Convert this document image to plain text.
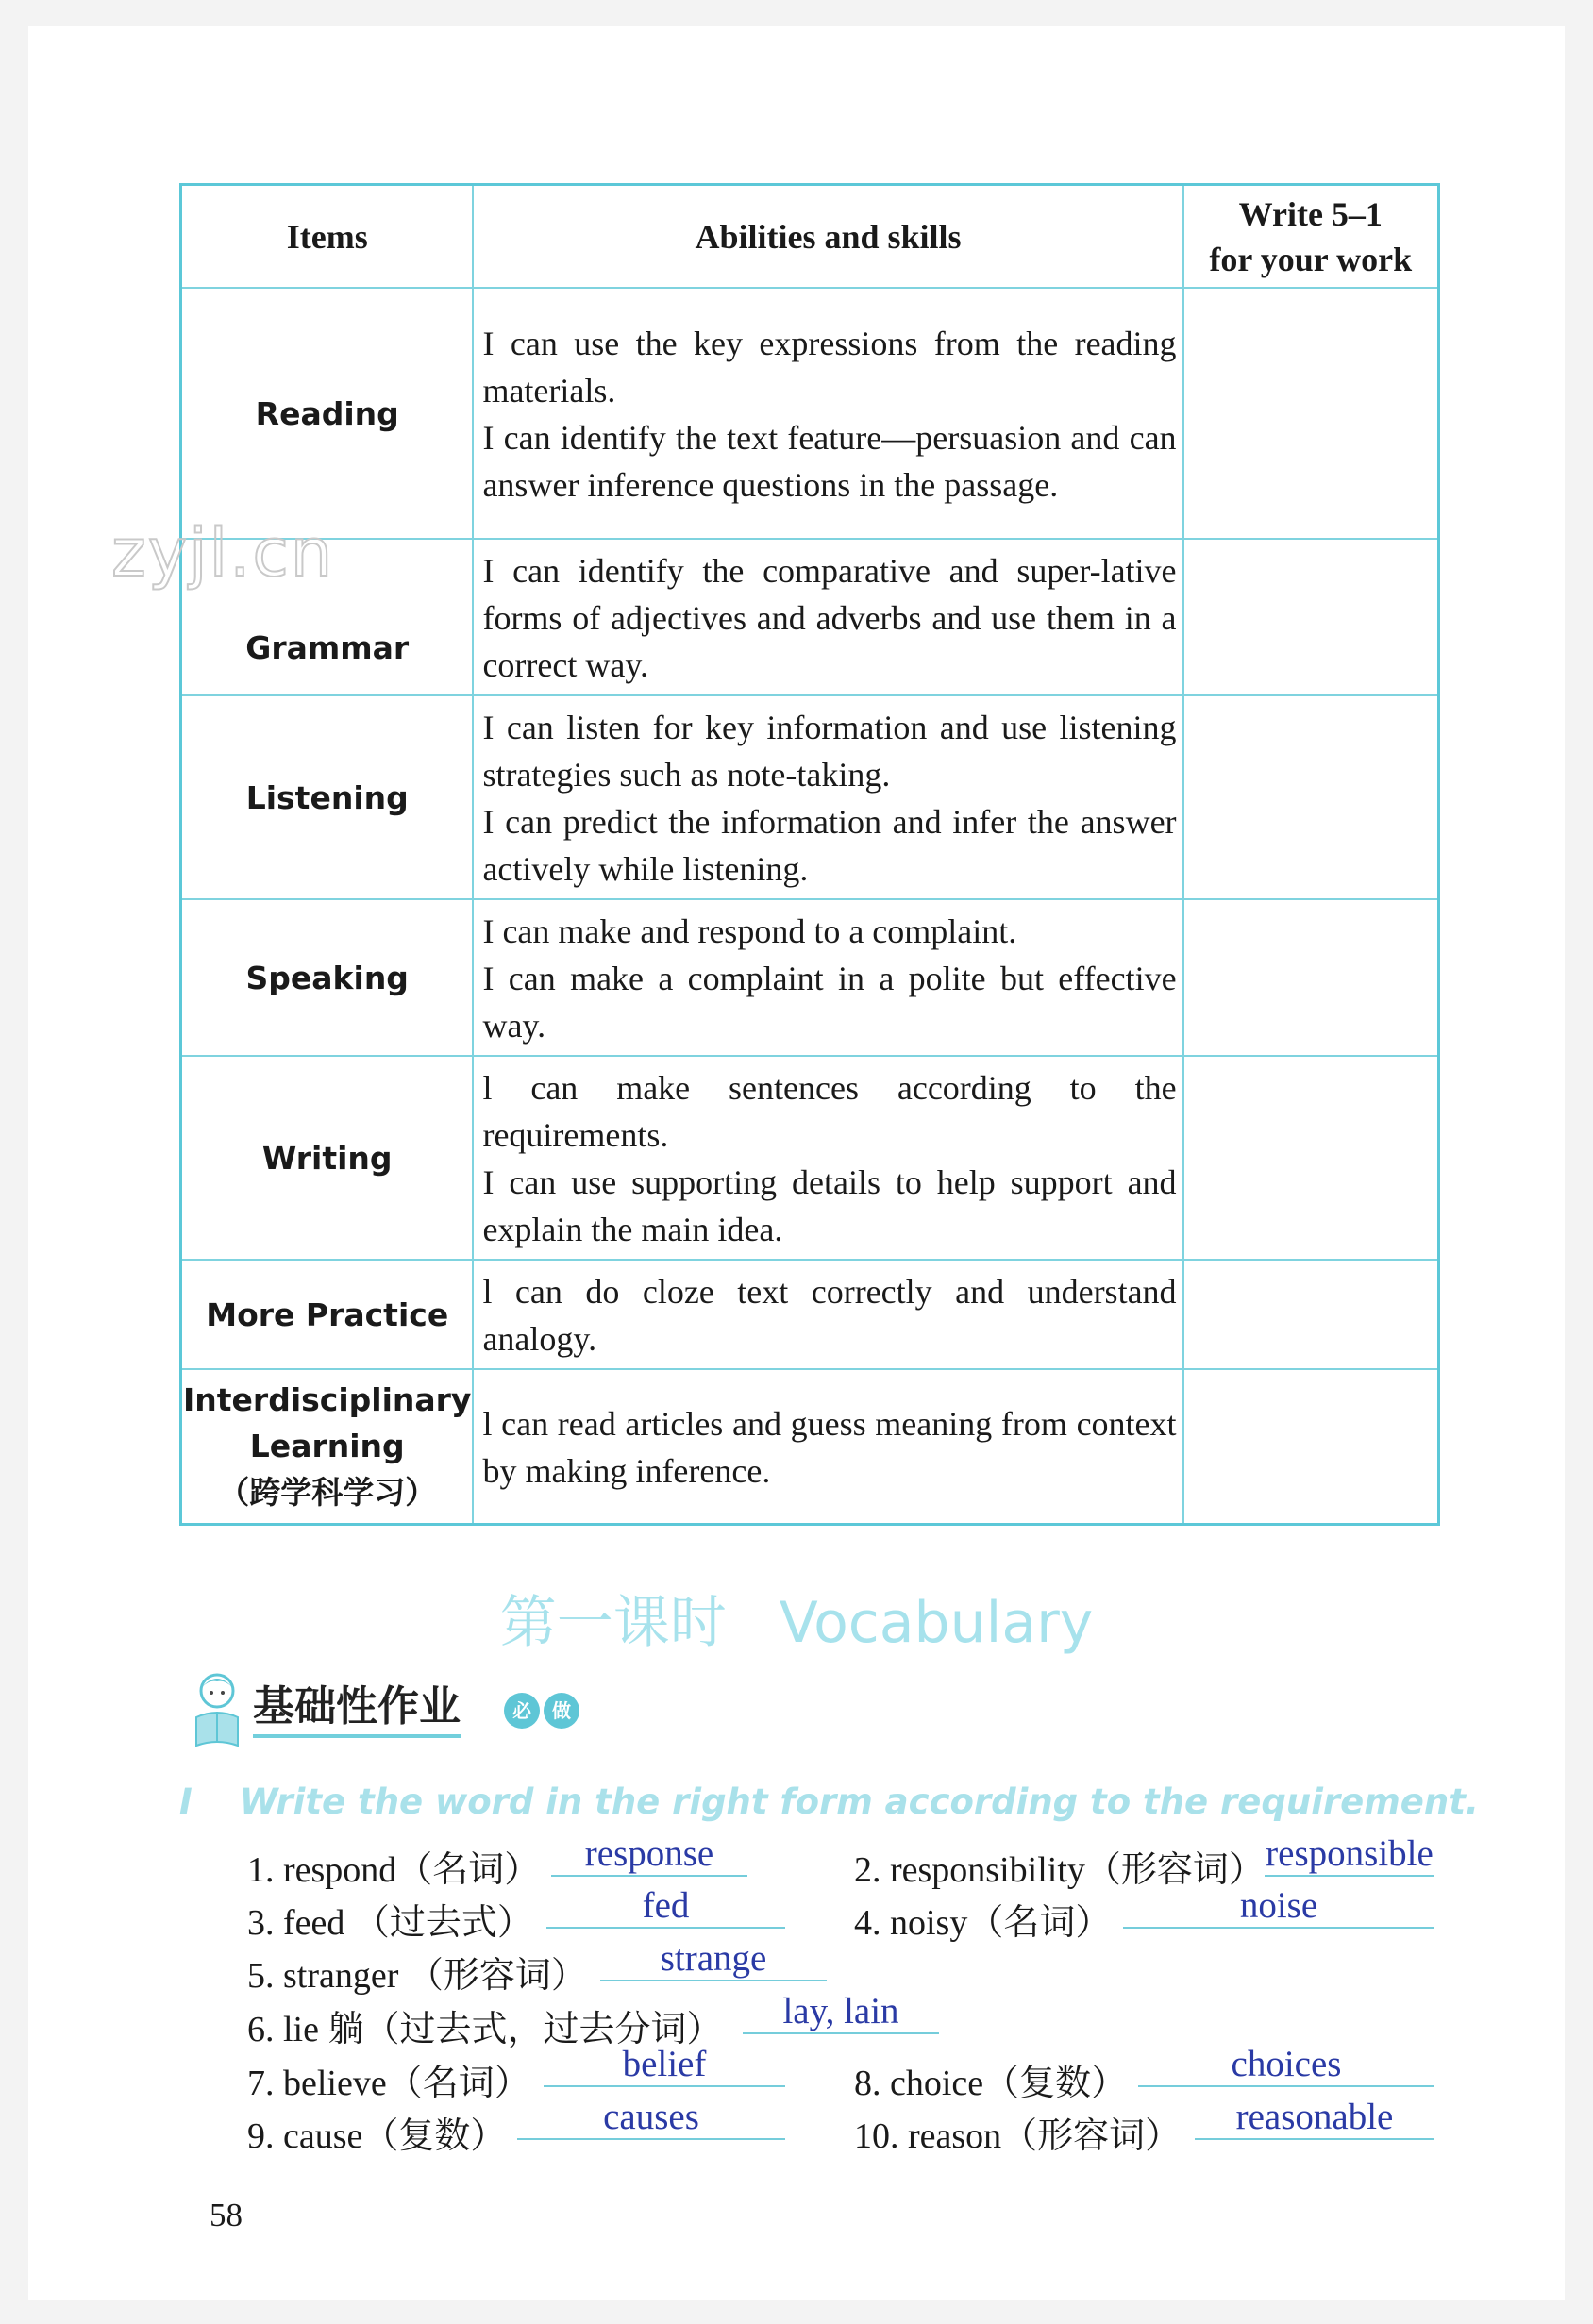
Items	Abilities and skills	Write 5–1
for your work
Reading	I can use the key expressions from the reading materials.

I can identify the text feature—persuasion and can answer inference questions in the passage.	

Grammar	I can identify the comparative and super-lative forms of adjectives and adverbs and use them in a correct way.	

Listening	I can listen for key information and use listening strategies such as note-taking.

I can predict the information and infer the answer actively while listening.	

Speaking	I can make and respond to a complaint.

I can make a complaint in a polite but effective way.	

Writing	l can make sentences according to the requirements.

I can use supporting details to help support and explain the main idea.	

More Practice	l can do cloze text correctly and understand analogy.	

Interdisciplinary
Learning
（跨学科学习）	l can read articles and guess meaning from context by making inference.	

zyjl.cn
第一课时 Vocabulary
基础性作业	必	做
I Write the word in the right form according to the requirement.
1. respond（名词）	response	2. responsibility（形容词） responsible
3. feed （过去式）	fed	4. noisy（名词）	noise
5. stranger （形容词）	strange
6. lie 躺（过去式，过去分词）	lay, lain
7. believe（名词）	belief	8. choice（复数）	choices
9. cause（复数）	causes	10. reason（形容词）	reasonable
58
